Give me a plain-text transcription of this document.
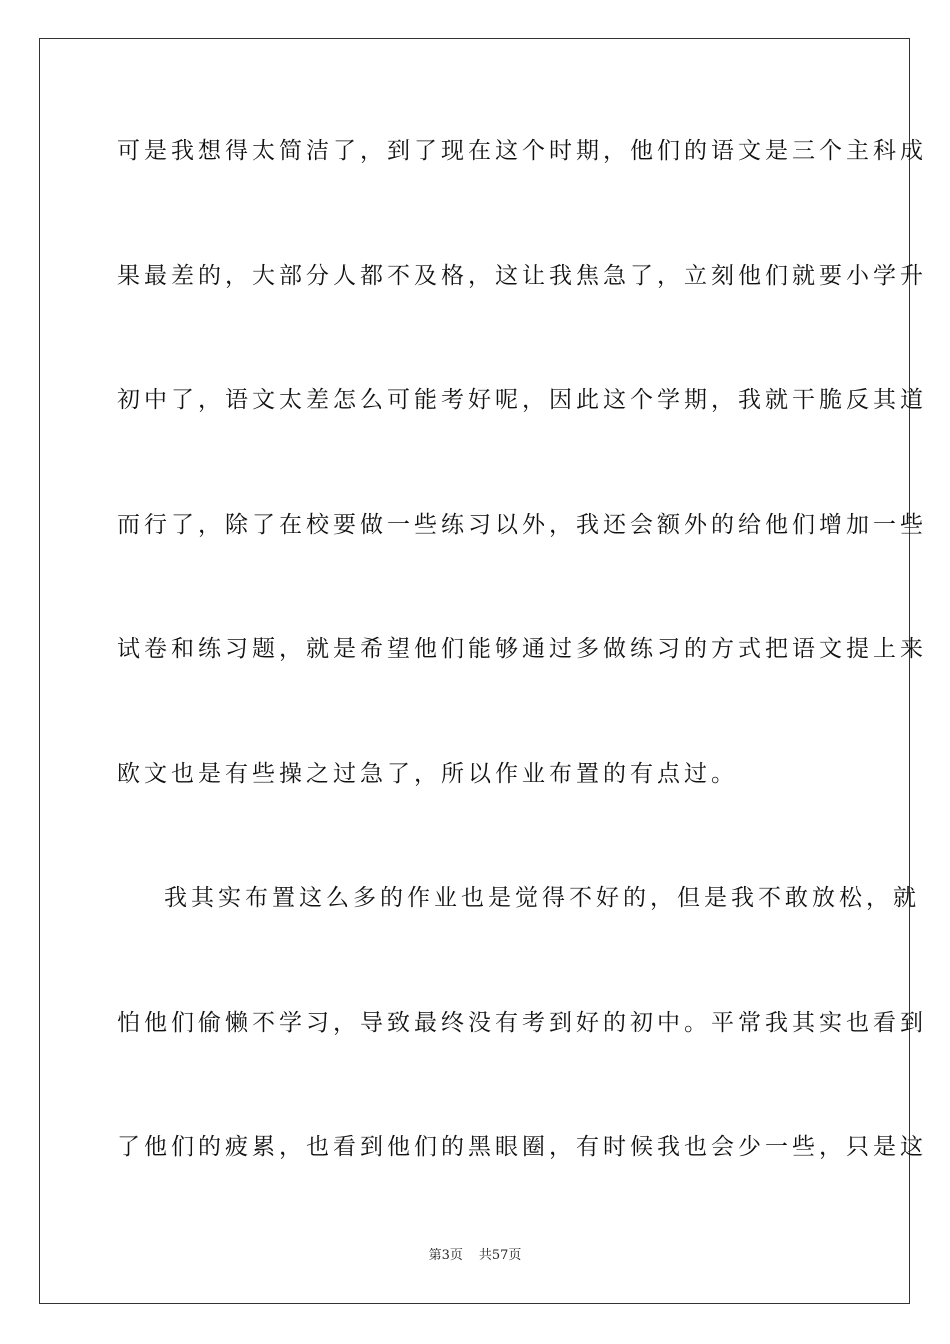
可是我想得太简洁了，到了现在这个时期，他们的语文是三个主科成
果最差的，大部分人都不及格，这让我焦急了，立刻他们就要小学升
初中了，语文太差怎么可能考好呢，因此这个学期，我就干脆反其道
而行了，除了在校要做一些练习以外，我还会额外的给他们增加一些
试卷和练习题，就是希望他们能够通过多做练习的方式把语文提上来
欧文也是有些操之过急了，所以作业布置的有点过。
我其实布置这么多的作业也是觉得不好的，但是我不敢放松，就
怕他们偷懒不学习，导致最终没有考到好的初中。平常我其实也看到
了他们的疲累，也看到他们的黑眼圈，有时候我也会少一些，只是这
第3页 共57页
